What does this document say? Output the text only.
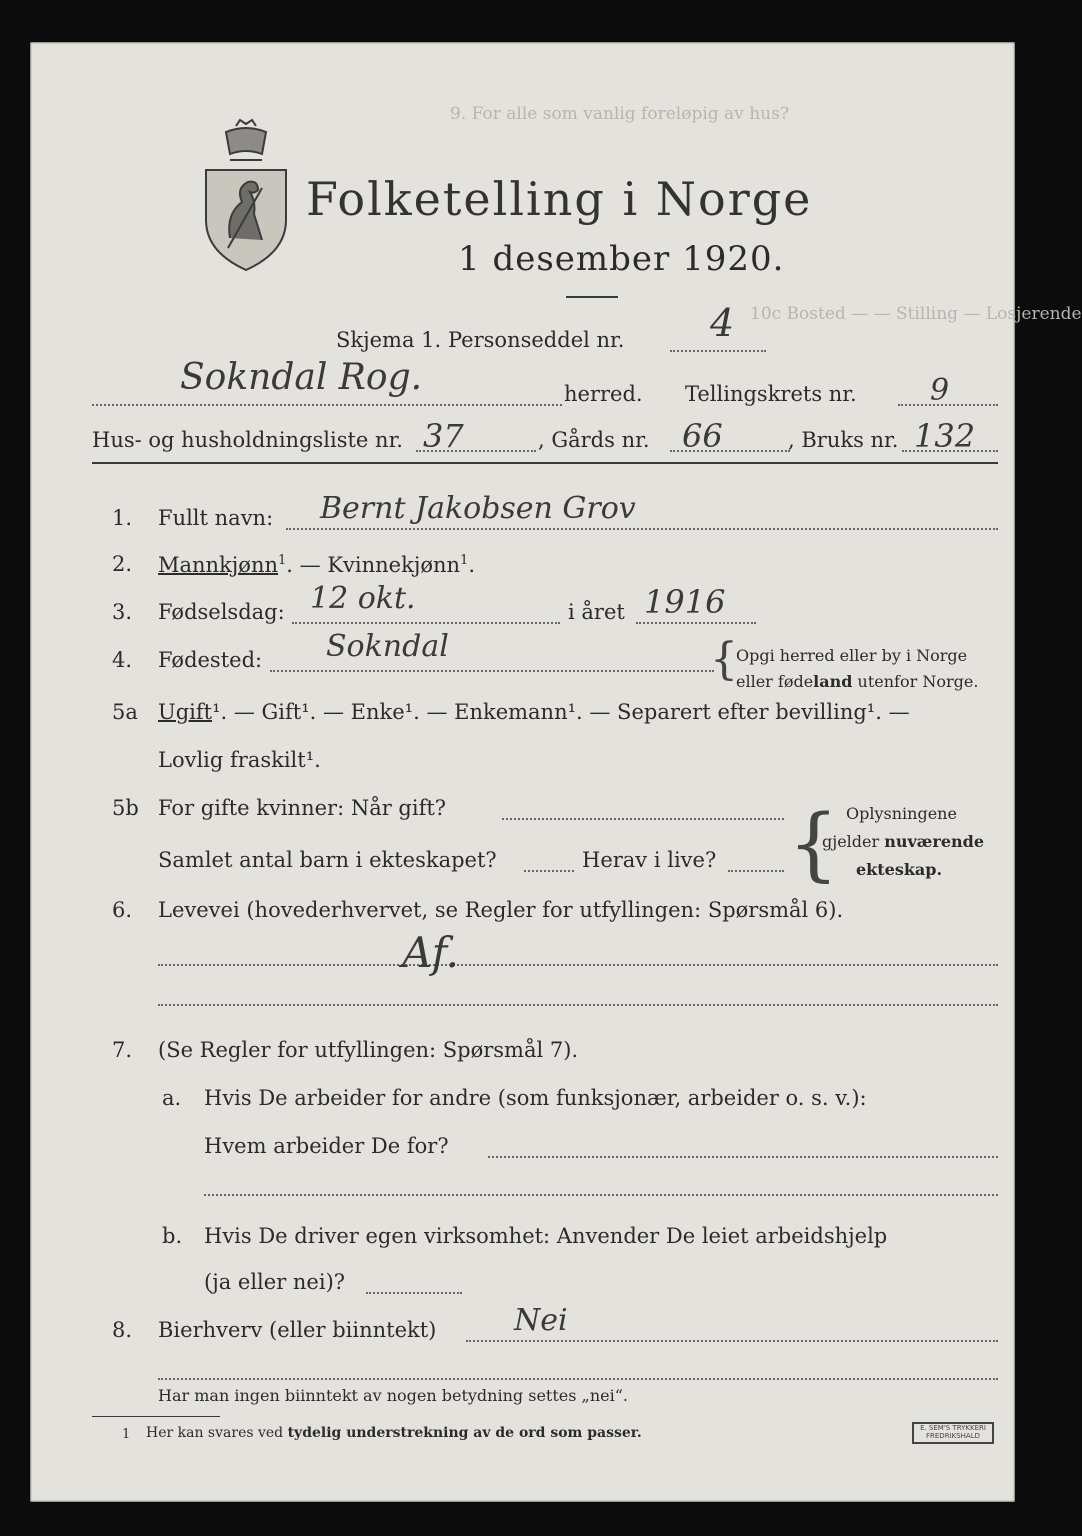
9. For alle som vanlig foreløpig av hus?
10c Bosted — — Stilling — Losjerende
Folketelling i Norge
1 desember 1920.
Skjema 1. Personseddel nr. 4
Sokndal Rog.	herred. Tellingskrets nr. 9
Hus- og husholdningsliste nr. 37	, Gårds nr. 66	, Bruks nr. 132
1. Fullt navn: Bernt Jakobsen Grov
2. Mannkjønn$^1$. — Kvinnekjønn$^1$.
3. Fødselsdag: 12 okt.	i året 1916
4. Fødested: Sokndal	{
Opgi herred eller by i Norge
eller fødeland utenfor Norge.
5a Ugift¹. — Gift¹. — Enke¹. — Enkemann¹. — Separert efter bevilling¹. —
Lovlig fraskilt¹.
5b For gifte kvinner: Når gift?
Samlet antal barn i ekteskapet?	Herav i live? { Oplysningene
gjelder nuværende
ekteskap.
6. Levevei (hovederhvervet, se Regler for utfyllingen: Spørsmål 6).
Af.
7. (Se Regler for utfyllingen: Spørsmål 7).
a. Hvis De arbeider for andre (som funksjonær, arbeider o. s. v.):
Hvem arbeider De for?
b. Hvis De driver egen virksomhet: Anvender De leiet arbeidshjelp
(ja eller nei)?
8. Bierhverv (eller biinntekt)	Nei
Har man ingen biinntekt av nogen betydning settes „nei“.
1 Her kan svares ved tydelig understrekning av de ord som passer.	E. SEM'S TRYKKERI
FREDRIKSHALD
